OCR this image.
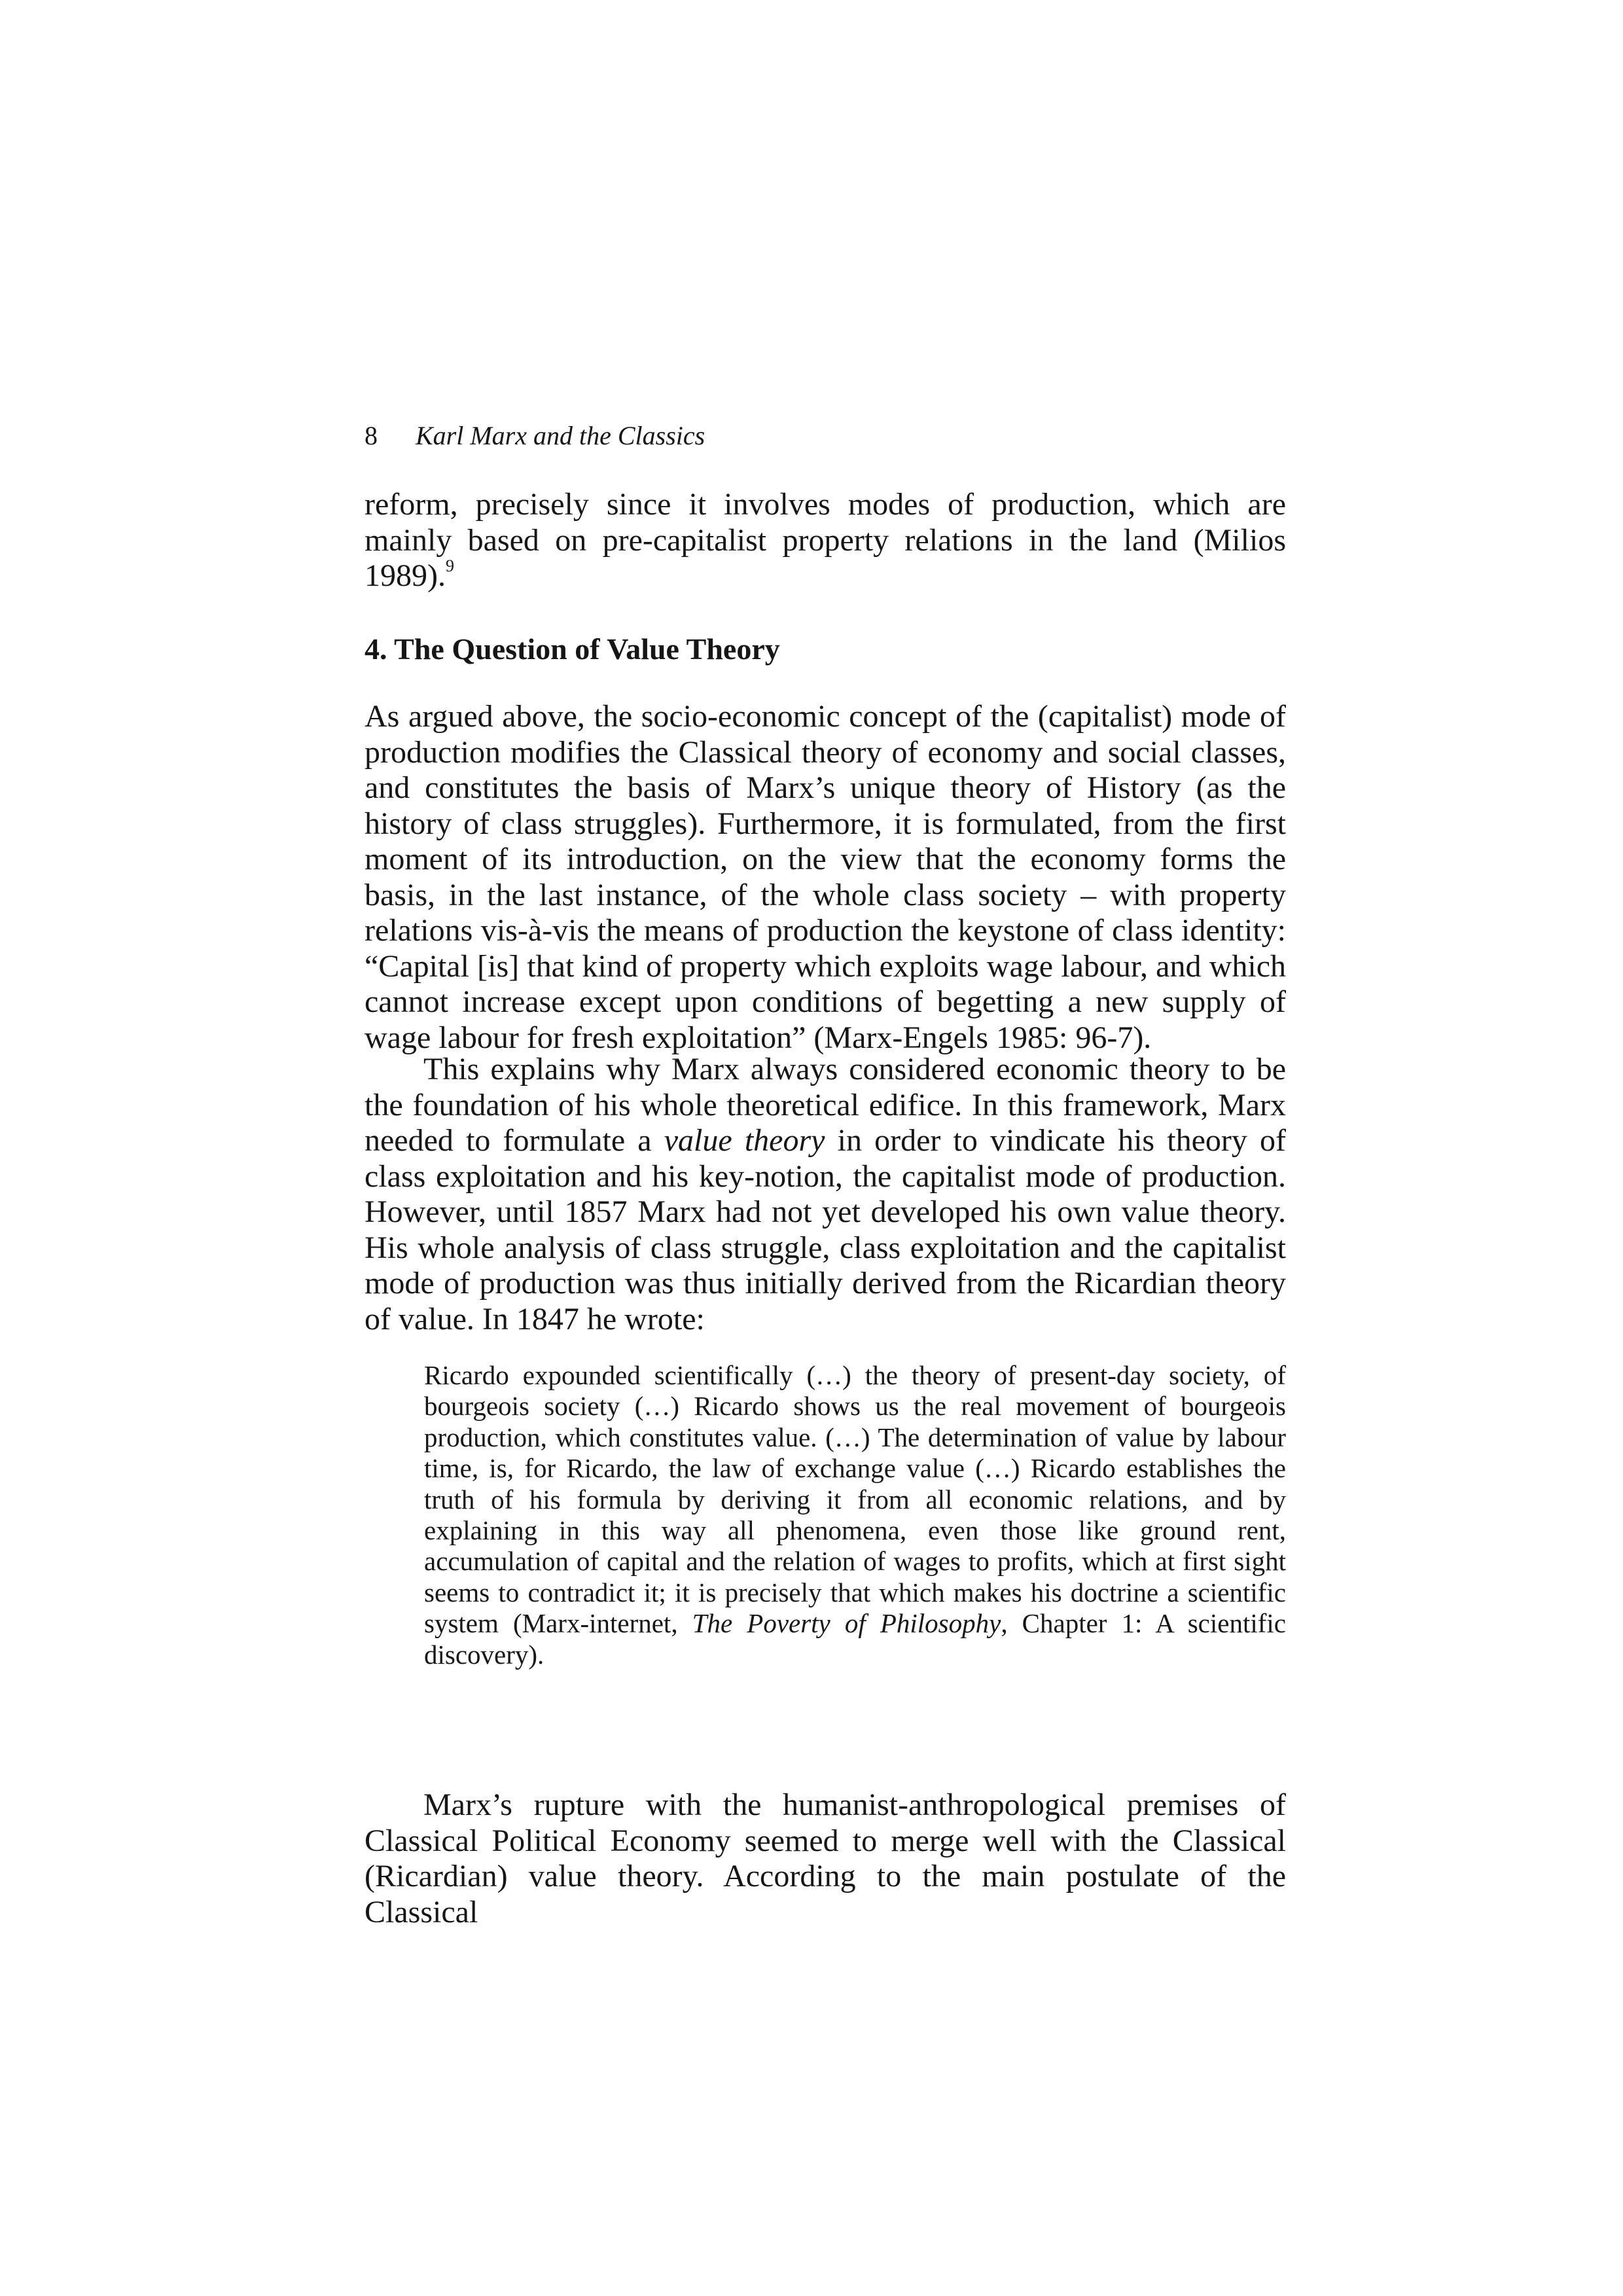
8 Karl Marx and the Classics

reform, precisely since it involves modes of production, which are mainly based on pre-capitalist property relations in the land (Milios 1989).$^9$

4. The Question of Value Theory

As argued above, the socio-economic concept of the (capitalist) mode of production modifies the Classical theory of economy and social classes, and constitutes the basis of Marx’s unique theory of History (as the history of class struggles). Furthermore, it is formulated, from the first moment of its introduction, on the view that the economy forms the basis, in the last instance, of the whole class society – with property relations vis-à-vis the means of production the keystone of class identity: “Capital [is] that kind of property which exploits wage labour, and which cannot increase except upon conditions of begetting a new supply of wage labour for fresh exploitation” (Marx-Engels 1985: 96-7).

This explains why Marx always considered economic theory to be the foundation of his whole theoretical edifice. In this framework, Marx needed to formulate a value theory in order to vindicate his theory of class exploitation and his key-notion, the capitalist mode of production. However, until 1857 Marx had not yet developed his own value theory. His whole analysis of class struggle, class exploitation and the capitalist mode of production was thus initially derived from the Ricardian theory of value. In 1847 he wrote:

Ricardo expounded scientifically (…) the theory of present-day society, of bourgeois society (…) Ricardo shows us the real movement of bourgeois production, which constitutes value. (…) The determination of value by labour time, is, for Ricardo, the law of exchange value (…) Ricardo establishes the truth of his formula by deriving it from all economic relations, and by explaining in this way all phenomena, even those like ground rent, accumulation of capital and the relation of wages to profits, which at first sight seems to contradict it; it is precisely that which makes his doctrine a scientific system (Marx-internet, The Poverty of Philosophy, Chapter 1: A scientific discovery).

Marx’s rupture with the humanist-anthropological premises of Classical Political Economy seemed to merge well with the Classical (Ricardian) value theory. According to the main postulate of the Classical
